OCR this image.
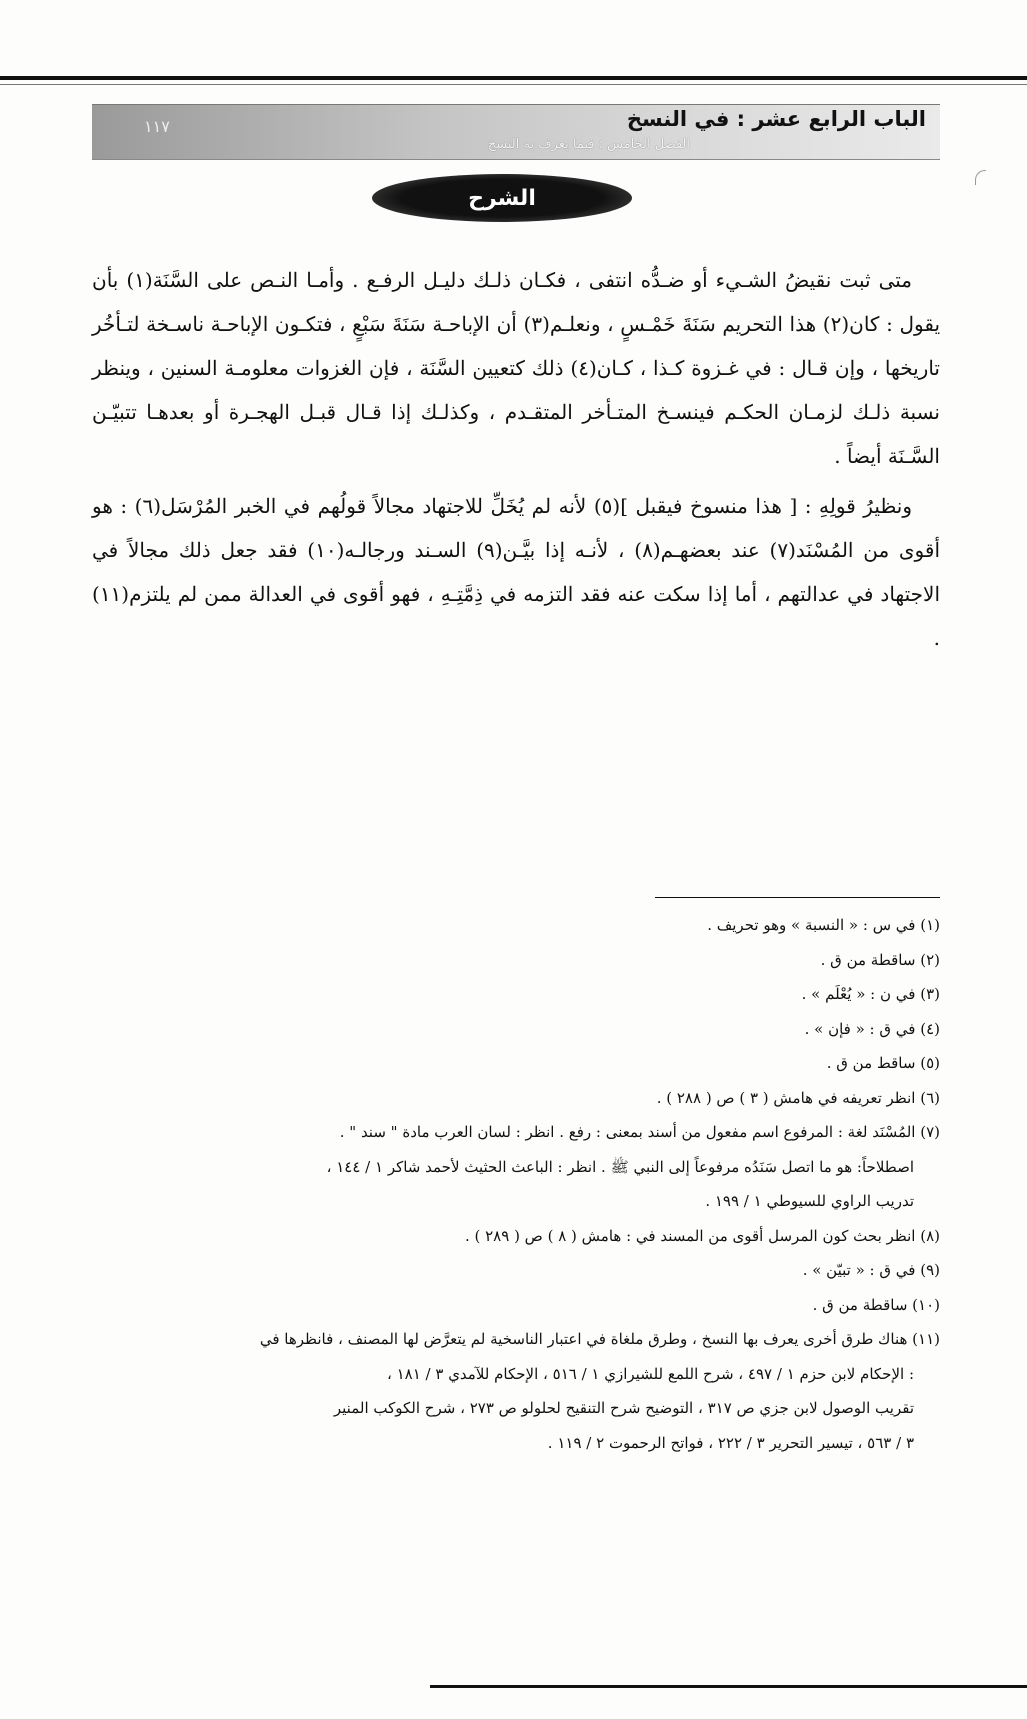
الباب الرابع عشر : في النسخ
الفصل الخامس : فيما يعرف به النسخ
١١٧
الشرح

متى ثبت نقيضُ الشـيء أو ضـدُّه انتفى ، فكـان ذلـك دليـل الرفـع . وأمـا النـص على السَّنَة(١) بأن يقول : كان(٢) هذا التحريم سَنَةَ خَمْـسٍ ، ونعلـم(٣) أن الإباحـة سَنَةَ سَبْعٍ ، فتكـون الإباحـة ناسـخة لتـأخُر تاريخها ، وإن قـال : في غـزوة كـذا ، كـان(٤) ذلك كتعيين السَّنَة ، فإن الغزوات معلومـة السنين ، وينظر نسبة ذلـك لزمـان الحكـم فينسـخ المتـأخر المتقـدم ، وكذلـك إذا قـال قبـل الهجـرة أو بعدهـا تتبيّـن السَّـنَة أيضاً .

ونظيرُ قولِهِ : [ هذا منسوخ فيقبل ](٥) لأنه لم يُخَلِّ للاجتهاد مجالاً قولُهم في الخبر المُرْسَل(٦) : هو أقوى من المُسْنَد(٧) عند بعضهـم(٨) ، لأنـه إذا بيَّـن(٩) السـند ورجالـه(١٠) فقد جعل ذلك مجالاً في الاجتهاد في عدالتهم ، أما إذا سكت عنه فقد التزمه في ذِمَّتِـهِ ، فهو أقوى في العدالة ممن لم يلتزم(١١) .

(١) في س : « النسبة » وهو تحريف .

(٢) ساقطة من ق .

(٣) في ن : « يُعْلَم » .

(٤) في ق : « فإن » .

(٥) ساقط من ق .

(٦) انظر تعريفه في هامش ( ٣ ) ص ( ٢٨٨ ) .

(٧) المُسْنَد لغة : المرفوع اسم مفعول من أسند بمعنى : رفع . انظر : لسان العرب مادة " سند " .

اصطلاحاً: هو ما اتصل سَنَدُه مرفوعاً إلى النبي ﷺ . انظر : الباعث الحثيث لأحمد شاكر ١ / ١٤٤ ،

تدريب الراوي للسيوطي ١ / ١٩٩ .

(٨) انظر بحث كون المرسل أقوى من المسند في : هامش ( ٨ ) ص ( ٢٨٩ ) .

(٩) في ق : « تبيّن » .

(١٠) ساقطة من ق .

(١١) هناك طرق أخرى يعرف بها النسخ ، وطرق ملغاة في اعتبار الناسخية لم يتعرَّض لها المصنف ، فانظرها في

: الإحكام لابن حزم ١ / ٤٩٧ ، شرح اللمع للشيرازي ١ / ٥١٦ ، الإحكام للآمدي ٣ / ١٨١ ،

تقريب الوصول لابن جزي ص ٣١٧ ، التوضيح شرح التنقيح لحلولو ص ٢٧٣ ، شرح الكوكب المنير

٣ / ٥٦٣ ، تيسير التحرير ٣ / ٢٢٢ ، فواتح الرحموت ٢ / ١١٩ .
